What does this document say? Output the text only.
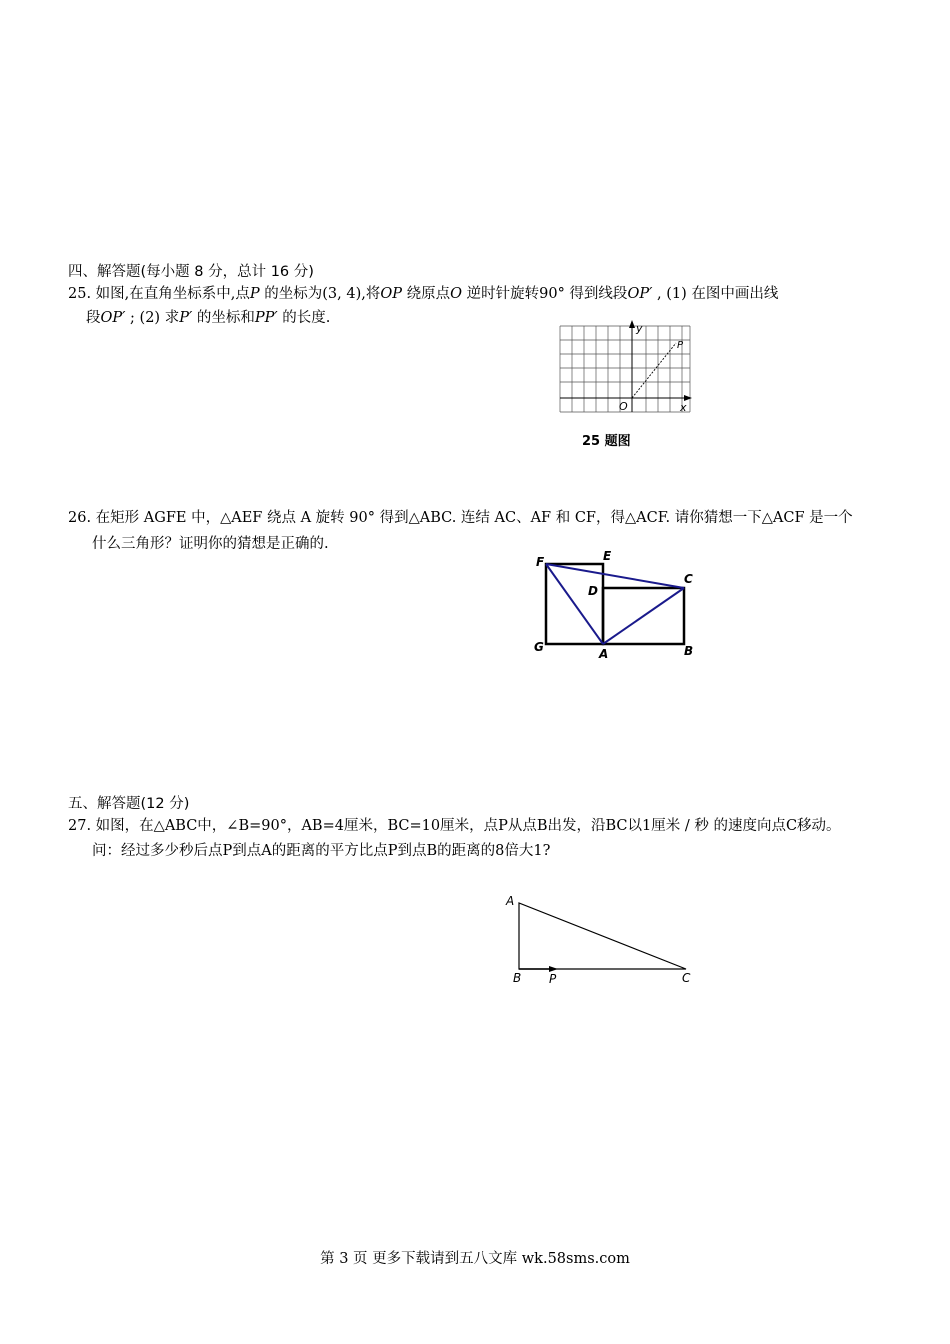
四、解答题(每小题 8 分，总计 16 分)
25. 如图,在直角坐标系中,点P 的坐标为(3, 4),将OP 绕原点O 逆时针旋转90° 得到线段OP′ , (1) 在图中画出线
段OP′ ; (2) 求P′ 的坐标和PP′ 的长度.
y
x
O
P
25 题图
26. 在矩形 AGFE 中，△AEF 绕点 A 旋转 90° 得到△ABC. 连结 AC、AF 和 CF，得△ACF. 请你猜想一下△ACF 是一个
什么三角形？证明你的猜想是正确的.
F	E
D
C
G	A	B
五、解答题(12 分)
27. 如图，在△ABC中，∠B=90°，AB=4厘米，BC=10厘米，点P从点B出发，沿BC以1厘米 / 秒 的速度向点C移动。
问：经过多少秒后点P到点A的距离的平方比点P到点B的距离的8倍大1?
A
B	C
P
第 3 页 更多下载请到五八文库 wk.58sms.com
